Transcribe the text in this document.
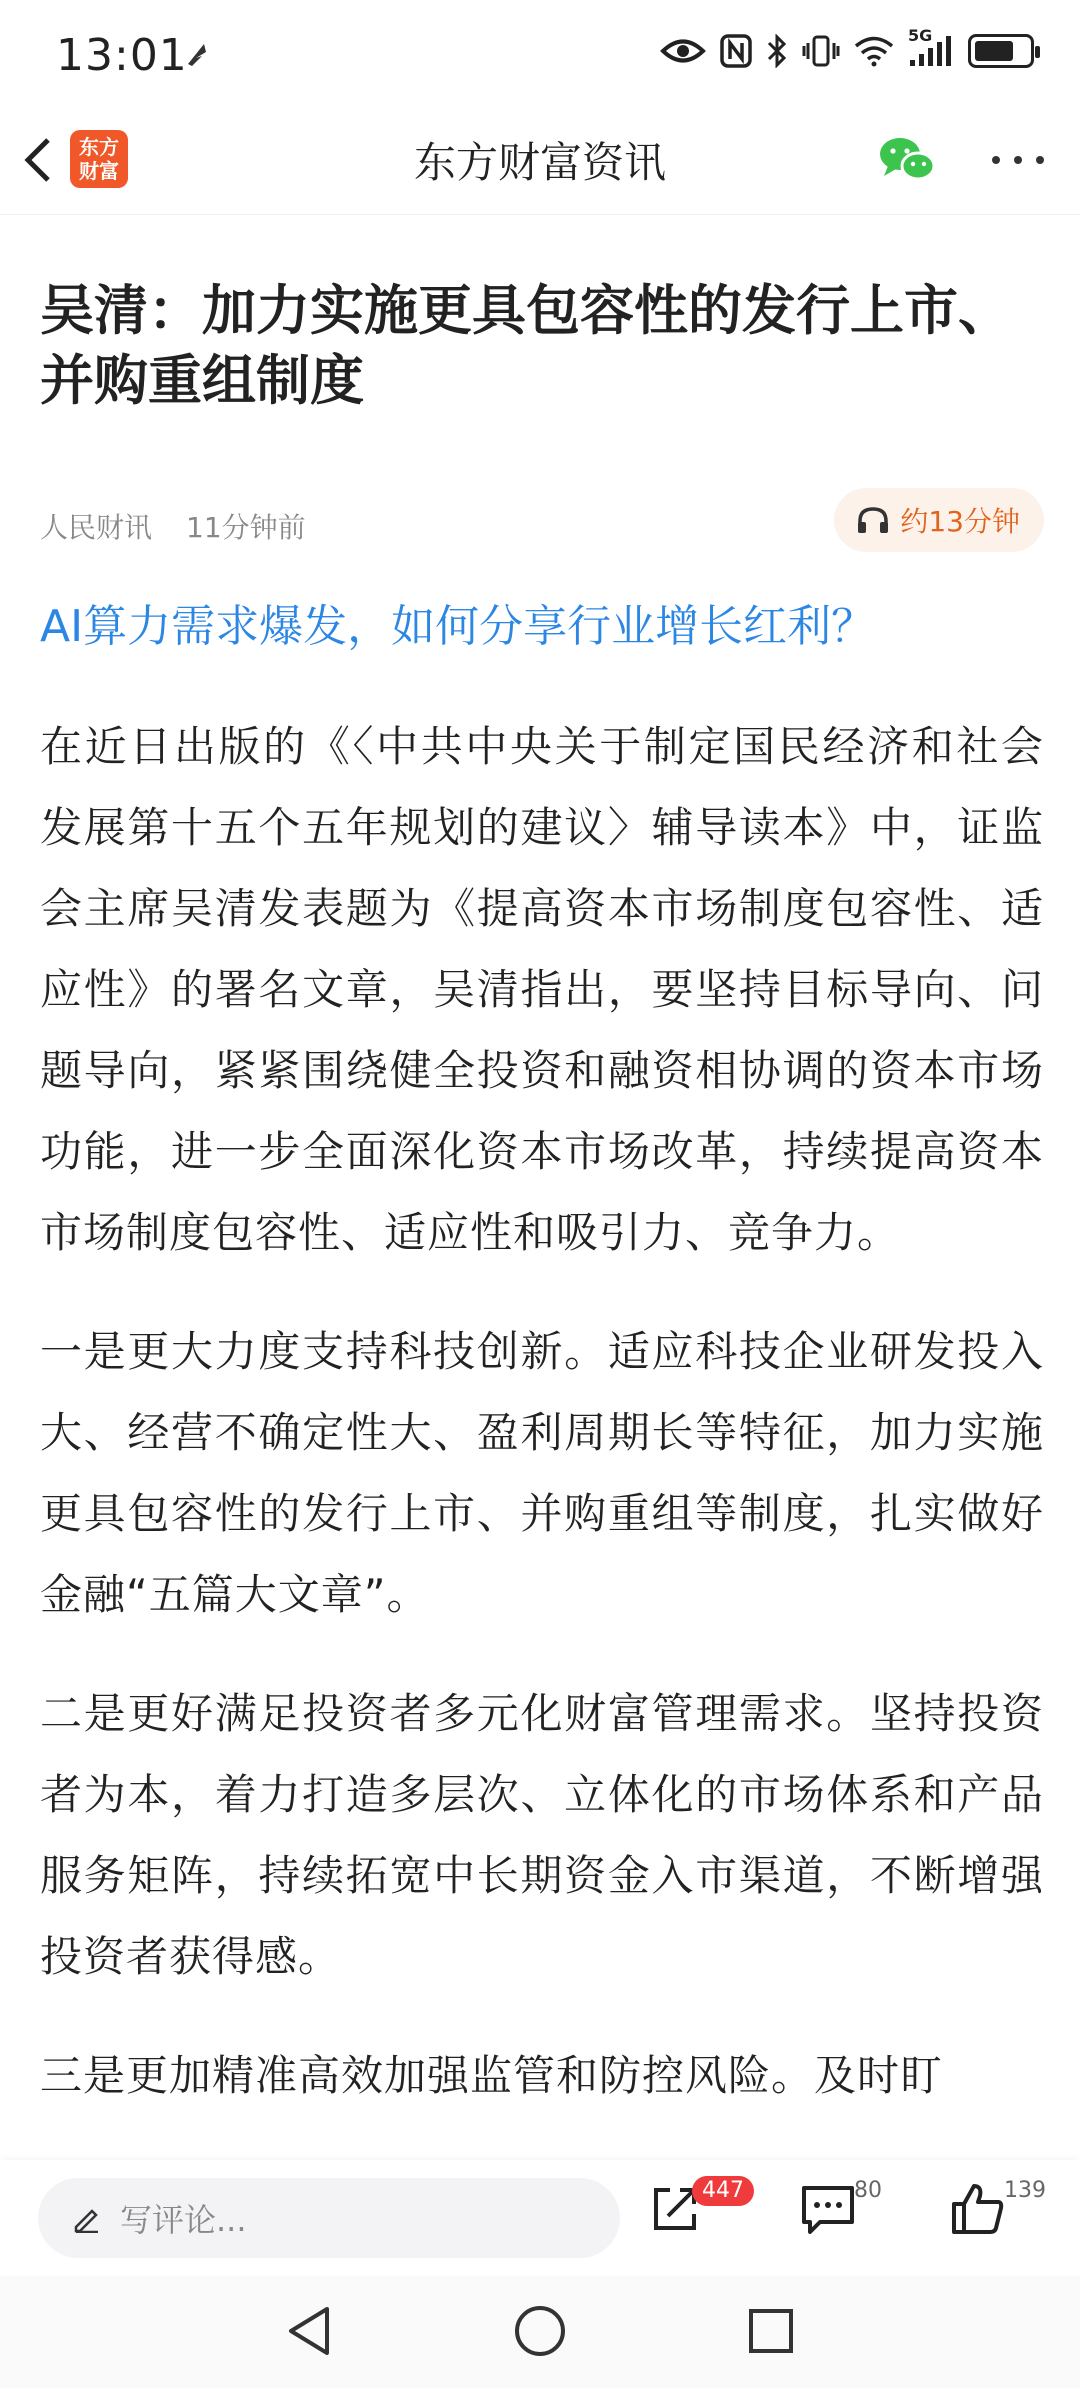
13:01	5G
东方
财富	东方财富资讯
吴清：加力实施更具包容性的发行上市、并购重组制度
人民财讯 11分钟前	约13分钟
AI算力需求爆发，如何分享行业增长红利？

在近日出版的《〈中共中央关于制定国民经济和社会发展第十五个五年规划的建议〉辅导读本》中，证监会主席吴清发表题为《提高资本市场制度包容性、适应性》的署名文章，吴清指出，要坚持目标导向、问题导向，紧紧围绕健全投资和融资相协调的资本市场功能，进一步全面深化资本市场改革，持续提高资本市场制度包容性、适应性和吸引力、竞争力。

一是更大力度支持科技创新。适应科技企业研发投入大、经营不确定性大、盈利周期长等特征，加力实施更具包容性的发行上市、并购重组等制度，扎实做好金融“五篇大文章”。

二是更好满足投资者多元化财富管理需求。坚持投资者为本，着力打造多层次、立体化的市场体系和产品服务矩阵，持续拓宽中长期资金入市渠道，不断增强投资者获得感。

三是更加精准高效加强监管和防控风险。及时盯

写评论...
447	80	139
